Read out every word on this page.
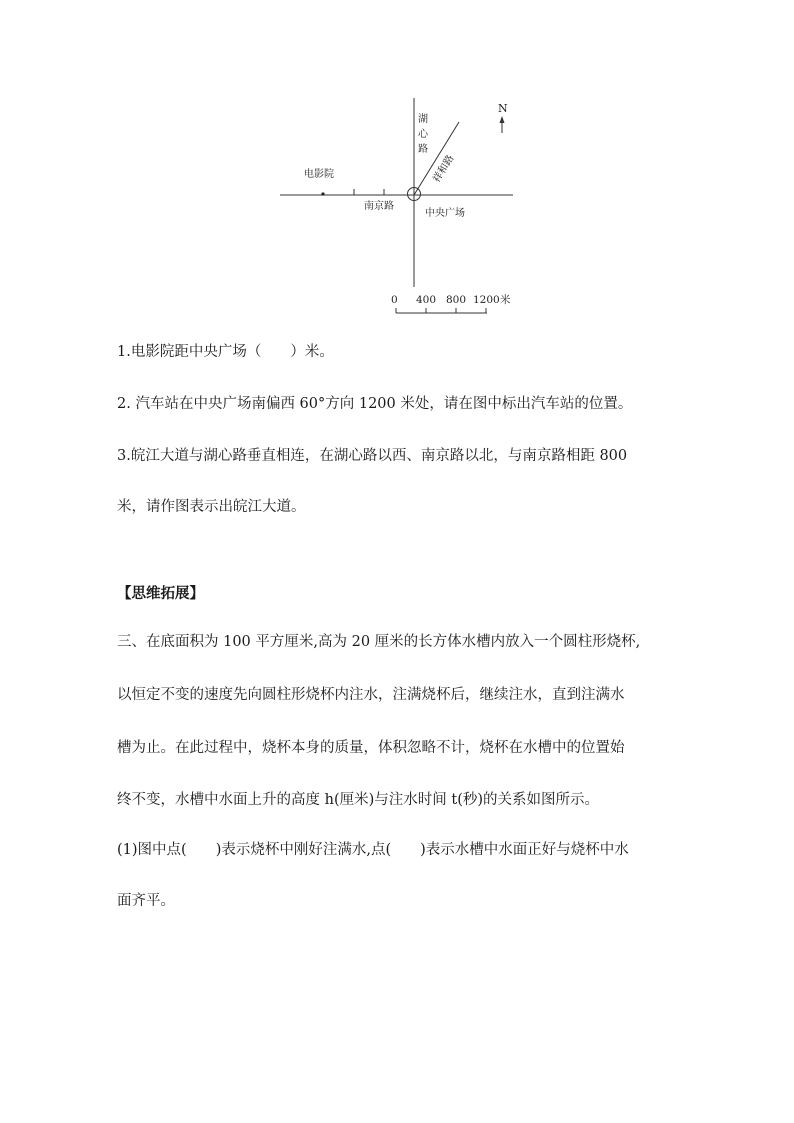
N
湖
心
路
祥和路
电影院
南京路
中央广场
0 400 800 1200 米

1.电影院距中央广场（　　）米。

2. 汽车站在中央广场南偏西 60°方向 1200 米处，请在图中标出汽车站的位置。

3.皖江大道与湖心路垂直相连，在湖心路以西、南京路以北，与南京路相距 800

米，请作图表示出皖江大道。

【思维拓展】

三、在底面积为 100 平方厘米,高为 20 厘米的长方体水槽内放入一个圆柱形烧杯,

以恒定不变的速度先向圆柱形烧杯内注水，注满烧杯后，继续注水，直到注满水

槽为止。在此过程中，烧杯本身的质量，体积忽略不计，烧杯在水槽中的位置始

终不变，水槽中水面上升的高度 h(厘米)与注水时间 t(秒)的关系如图所示。

(1)图中点(　　)表示烧杯中刚好注满水,点(　　)表示水槽中水面正好与烧杯中水

面齐平。
